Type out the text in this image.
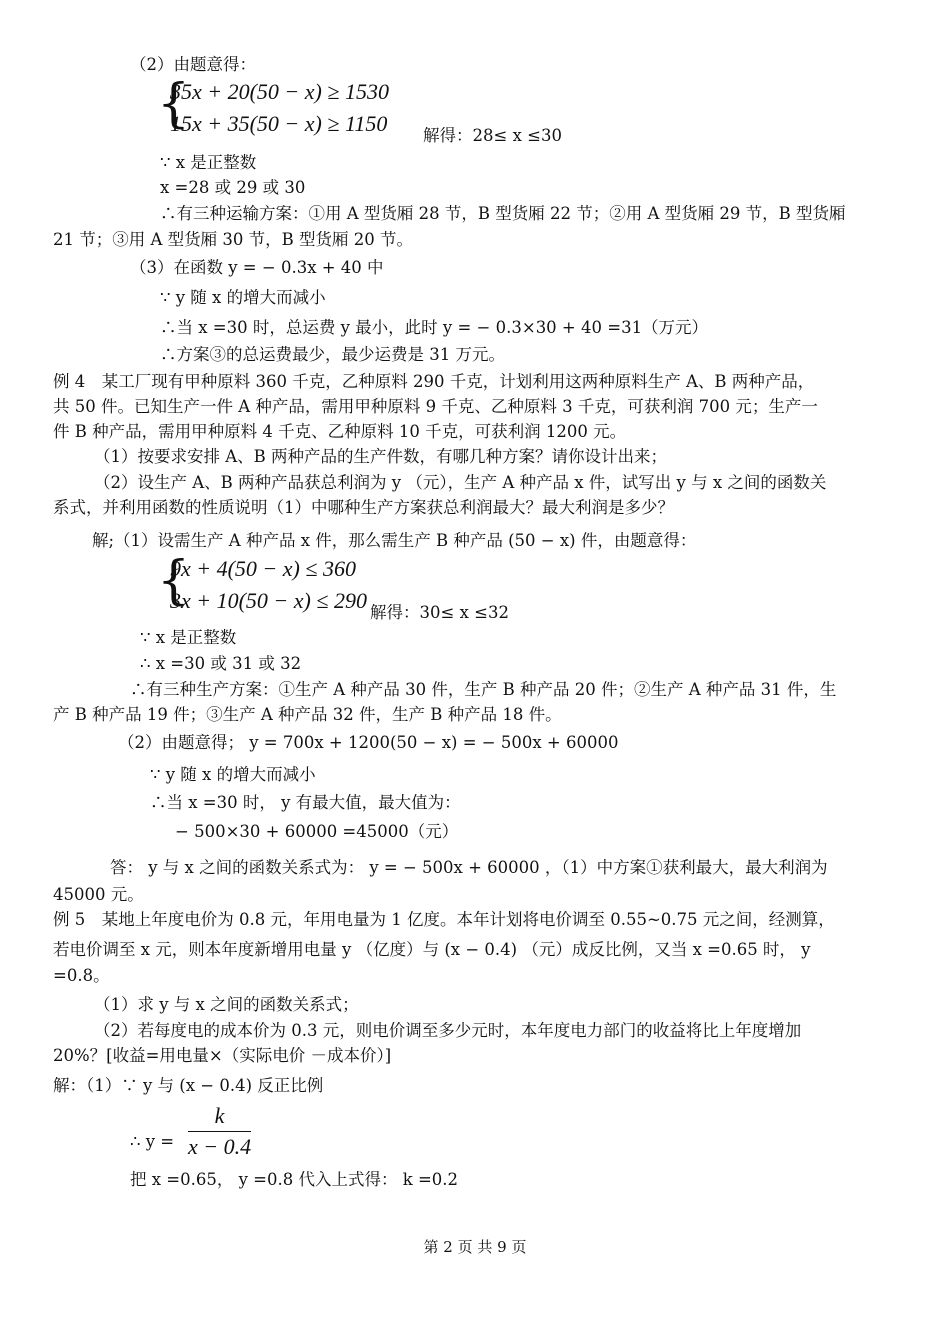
（2）由题意得：
{
35x + 20(50 − x) ≥ 1530
15x + 35(50 − x) ≥ 1150 解得：28≤ x ≤30
∵ x 是正整数
x =28 或 29 或 30
∴有三种运输方案：①用 A 型货厢 28 节，B 型货厢 22 节；②用 A 型货厢 29 节，B 型货厢
21 节；③用 A 型货厢 30 节，B 型货厢 20 节。
（3）在函数 y = − 0.3x + 40 中
∵ y 随 x 的增大而减小
∴当 x =30 时，总运费 y 最小，此时 y = − 0.3×30 + 40 =31（万元）
∴方案③的总运费最少，最少运费是 31 万元。
例 4　某工厂现有甲种原料 360 千克，乙种原料 290 千克，计划利用这两种原料生产 A、B 两种产品，
共 50 件。已知生产一件 A 种产品，需用甲种原料 9 千克、乙种原料 3 千克，可获利润 700 元；生产一
件 B 种产品，需用甲种原料 4 千克、乙种原料 10 千克，可获利润 1200 元。
（1）按要求安排 A、B 两种产品的生产件数，有哪几种方案？请你设计出来；
（2）设生产 A、B 两种产品获总利润为 y （元），生产 A 种产品 x 件，试写出 y 与 x 之间的函数关
系式，并利用函数的性质说明（1）中哪种生产方案获总利润最大？最大利润是多少？
解;（1）设需生产 A 种产品 x 件，那么需生产 B 种产品 (50 − x) 件，由题意得：
{
9x + 4(50 − x) ≤ 360
3x + 10(50 − x) ≤ 290 解得：30≤ x ≤32
∵ x 是正整数
∴ x =30 或 31 或 32
∴有三种生产方案：①生产 A 种产品 30 件，生产 B 种产品 20 件；②生产 A 种产品 31 件，生
产 B 种产品 19 件；③生产 A 种产品 32 件，生产 B 种产品 18 件。
（2）由题意得； y = 700x + 1200(50 − x) = − 500x + 60000
∵ y 随 x 的增大而减小
∴当 x =30 时， y 有最大值，最大值为：
− 500×30 + 60000 =45000（元）
答： y 与 x 之间的函数关系式为： y = − 500x + 60000 ，（1）中方案①获利最大，最大利润为
45000 元。
例 5　某地上年度电价为 0.8 元，年用电量为 1 亿度。本年计划将电价调至 0.55~0.75 元之间，经测算，
若电价调至 x 元，则本年度新增用电量 y （亿度）与 (x − 0.4) （元）成反比例，又当 x =0.65 时， y
=0.8。
（1）求 y 与 x 之间的函数关系式；
（2）若每度电的成本价为 0.3 元，则电价调至多少元时，本年度电力部门的收益将比上年度增加
20%？[收益=用电量×（实际电价 －成本价）]
解：（1）∵ y 与 (x − 0.4) 反正比例
∴ $y = \frac{k}{x - 0.4}$
把 x =0.65， y =0.8 代入上式得： k =0.2
第 2 页 共 9 页
